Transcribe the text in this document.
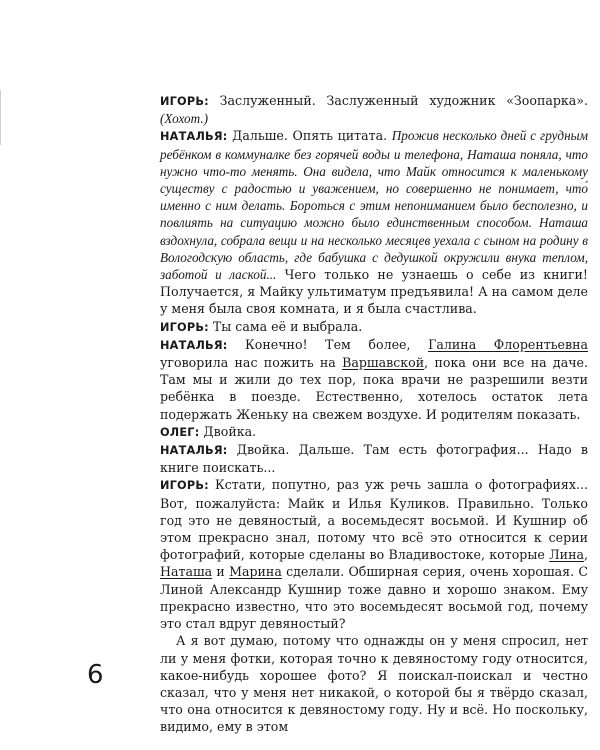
ИГОРЬ: Заслуженный. Заслуженный художник «Зоопарка». (Хохот.)

НАТАЛЬЯ: Дальше. Опять цитата. Прожив несколько дней с грудным ребёнком в коммуналке без горячей воды и телефона, Наташа поняла, что нужно что-то менять. Она видела, что Майк относится к маленькому существу с радостью и уважением, но совершенно не понимает, что́ именно с ним делать. Бороться с этим непониманием было бесполезно, и повлиять на ситуацию можно было единственным способом. Наташа вздохнула, собрала вещи и на несколько месяцев уехала с сыном на родину в Вологодскую область, где бабушка с дедушкой окружили внука теплом, заботой и лаской... Чего только не узнаешь о себе из книги! Получается, я Майку ультиматум предъявила! А на самом деле у меня была своя комната, и я была счастлива.

ИГОРЬ: Ты сама её и выбрала.

НАТАЛЬЯ: Конечно! Тем более, Галина Флорентьевна уговорила нас пожить на Варшавской, пока они все на даче. Там мы и жили до тех пор, пока врачи не разрешили везти ребёнка в поезде. Естественно, хотелось остаток лета подержать Женьку на свежем воздухе. И родителям показать.

ОЛЕГ: Двойка.

НАТАЛЬЯ: Двойка. Дальше. Там есть фотография... Надо в книге поискать...

ИГОРЬ: Кстати, попутно, раз уж речь зашла о фотографиях... Вот, пожалуйста: Майк и Илья Куликов. Правильно. Только год это не девяностый, а восемьдесят восьмой. И Кушнир об этом прекрасно знал, потому что всё это относится к серии фотографий, которые сделаны во Владивостоке, которые Лина, Наташа и Марина сделали. Обширная серия, очень хорошая. С Линой Александр Кушнир тоже давно и хорошо знаком. Ему прекрасно известно, что это восемьдесят восьмой год, почему это стал вдруг девяностый?

А я вот думаю, потому что однажды он у меня спросил, нет ли у меня фотки, которая точно к девяностому году относится, какое-нибудь хорошее фото? Я поискал-поискал и честно сказал, что у меня нет никакой, о которой бы я твёрдо сказал, что она относится к девяностому году. Ну и всё. Но поскольку, видимо, ему в этом

6
